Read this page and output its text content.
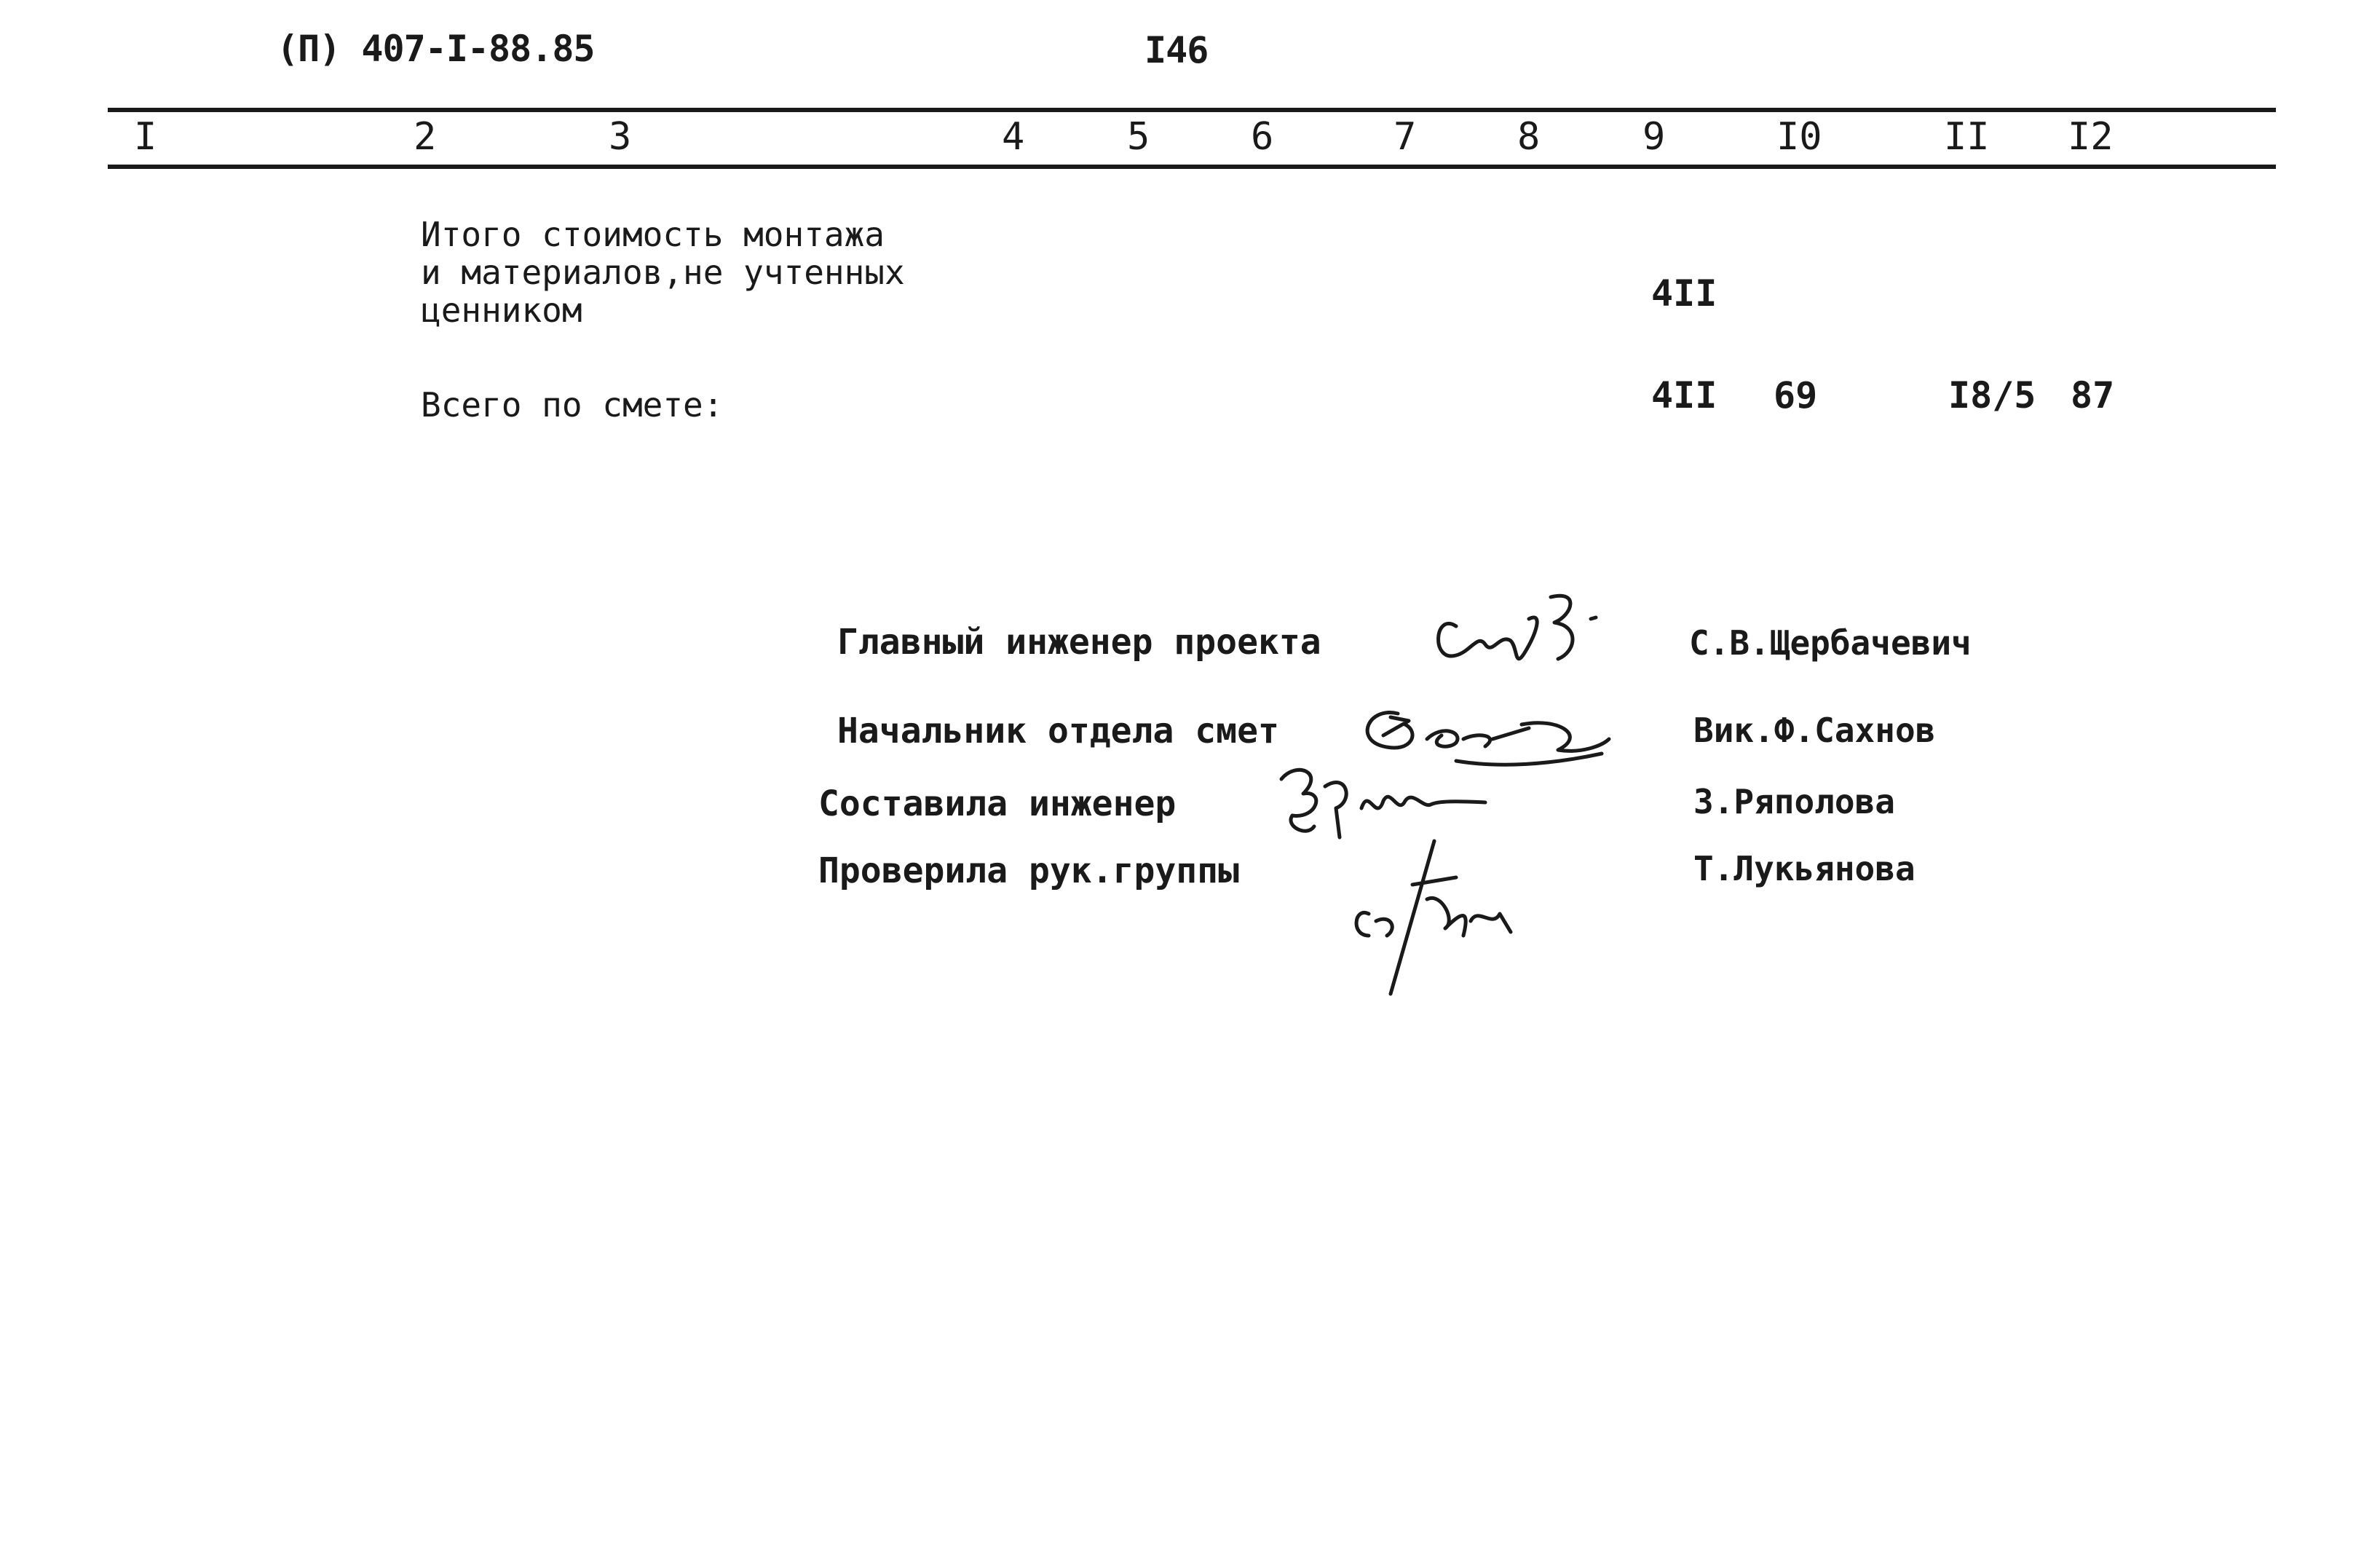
(П) 407-I-88.85	I46
I	2	3	4	5	6	7	8	9	I0	II I2
Итого стоимость монтажа
и материалов,не учтенных
ценником	4II
Всего по смете:	4II 69	I8/5 87
Главный инженер проекта	С.В.Щербачевич
Начальник отдела смет	Вик.Ф.Сахнов
Составила инженер	З.Ряполова
Проверила рук.группы	Т.Лукьянова
